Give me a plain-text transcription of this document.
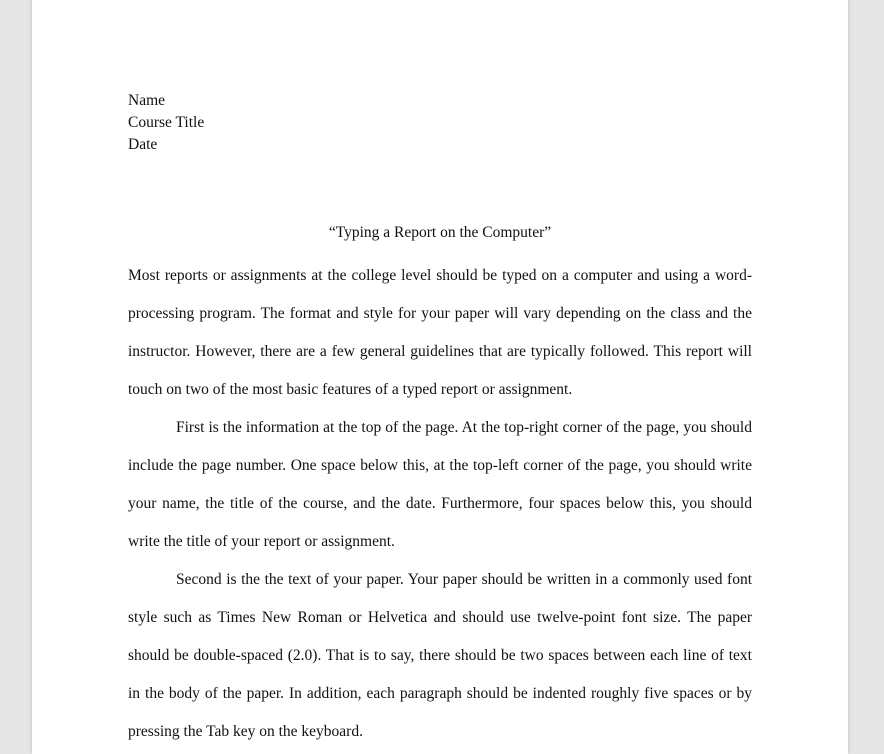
Name
Course Title
Date
“Typing a Report on the Computer”

Most reports or assignments at the college level should be typed on a computer and using a word-processing program. The format and style for your paper will vary depending on the class and the instructor. However, there are a few general guidelines that are typically followed. This report will touch on two of the most basic features of a typed report or assignment.

First is the information at the top of the page. At the top-right corner of the page, you should include the page number. One space below this, at the top-left corner of the page, you should write your name, the title of the course, and the date. Furthermore, four spaces below this, you should write the title of your report or assignment.

Second is the the text of your paper. Your paper should be written in a commonly used font style such as Times New Roman or Helvetica and should use twelve-point font size. The paper should be double-spaced (2.0). That is to say, there should be two spaces between each line of text in the body of the paper. In addition, each paragraph should be indented roughly five spaces or by pressing the Tab key on the keyboard.
